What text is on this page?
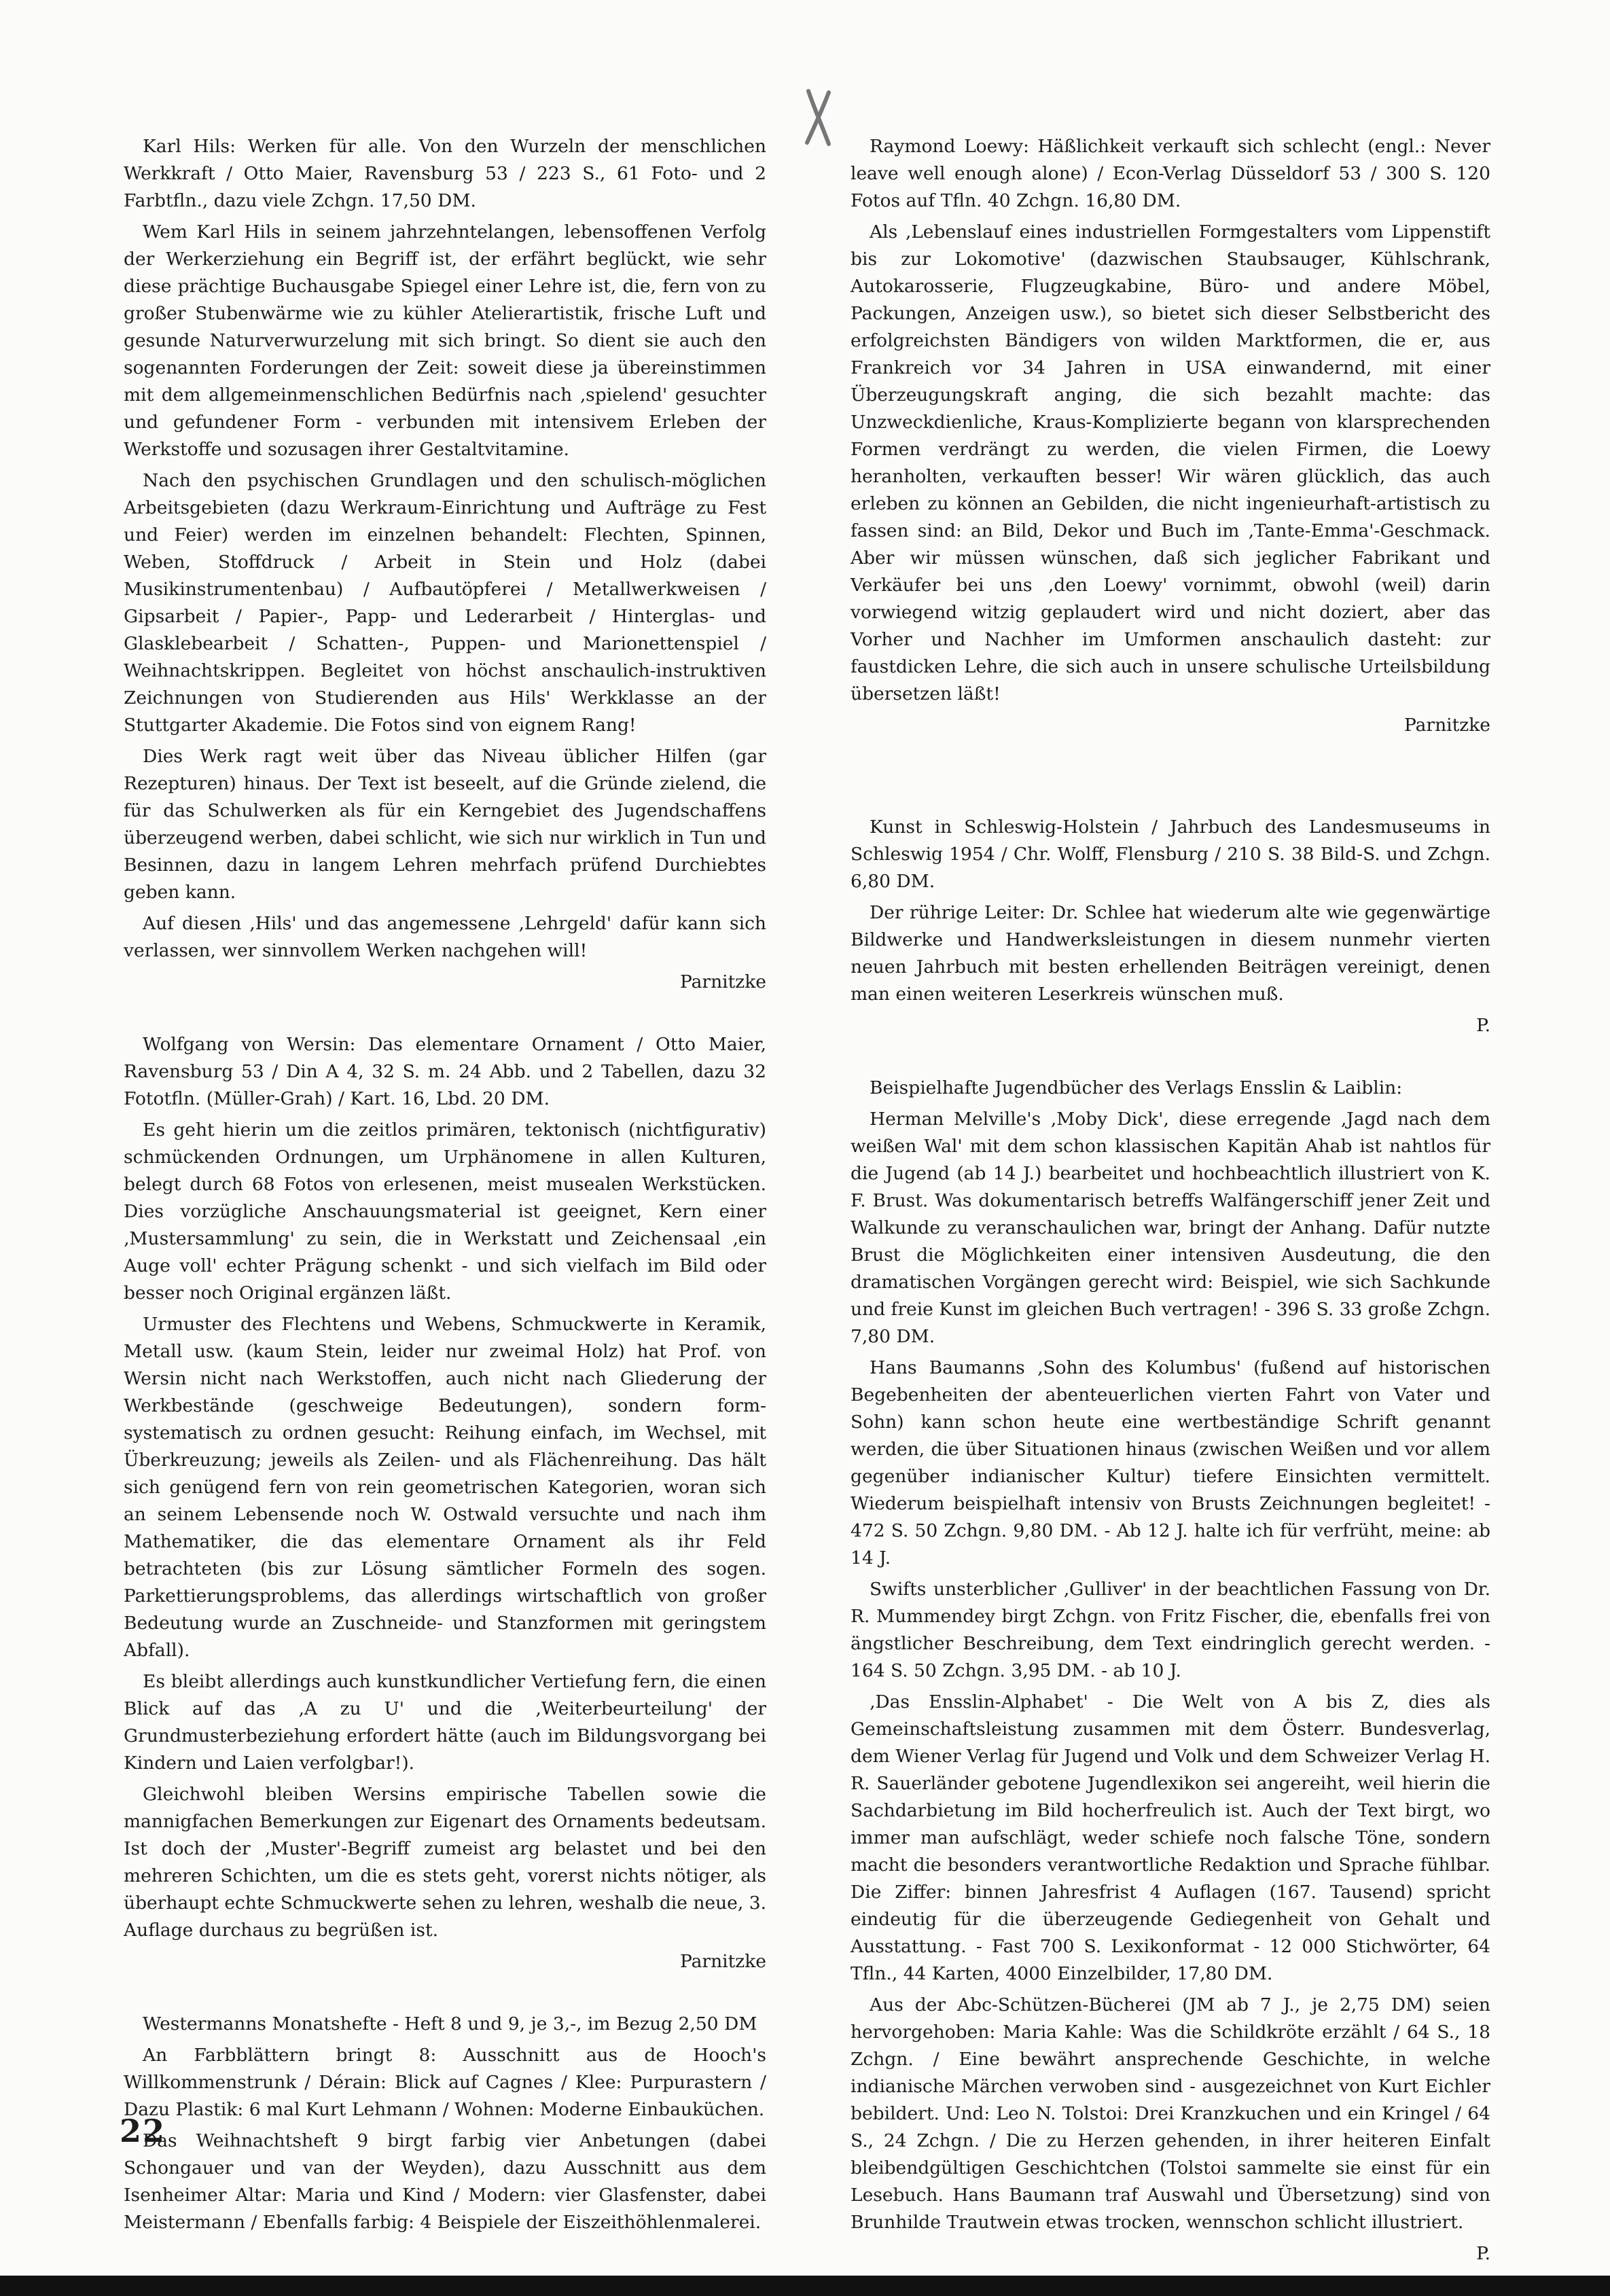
Karl Hils: Werken für alle. Von den Wurzeln der menschlichen Werkkraft / Otto Maier, Ravensburg 53 / 223 S., 61 Foto- und 2 Farbtfln., dazu viele Zchgn. 17,50 DM.

Wem Karl Hils in seinem jahrzehntelangen, lebensoffenen Verfolg der Werkerziehung ein Begriff ist, der erfährt beglückt, wie sehr diese prächtige Buchausgabe Spiegel einer Lehre ist, die, fern von zu großer Stubenwärme wie zu kühler Atelierartistik, frische Luft und gesunde Naturverwurzelung mit sich bringt. So dient sie auch den sogenannten Forderungen der Zeit: soweit diese ja übereinstimmen mit dem allgemeinmenschlichen Bedürfnis nach ‚spielend' gesuchter und gefundener Form - verbunden mit intensivem Erleben der Werkstoffe und sozusagen ihrer Gestaltvitamine.

Nach den psychischen Grundlagen und den schulisch-möglichen Arbeitsgebieten (dazu Werkraum-Einrichtung und Aufträge zu Fest und Feier) werden im einzelnen behandelt: Flechten, Spinnen, Weben, Stoffdruck / Arbeit in Stein und Holz (dabei Musikinstrumentenbau) / Aufbautöpferei / Metallwerkweisen / Gipsarbeit / Papier-, Papp- und Lederarbeit / Hinterglas- und Glasklebearbeit / Schatten-, Puppen- und Marionettenspiel / Weihnachtskrippen. Begleitet von höchst anschaulich-instruktiven Zeichnungen von Studierenden aus Hils' Werkklasse an der Stuttgarter Akademie. Die Fotos sind von eignem Rang!

Dies Werk ragt weit über das Niveau üblicher Hilfen (gar Rezepturen) hinaus. Der Text ist beseelt, auf die Gründe zielend, die für das Schulwerken als für ein Kerngebiet des Jugendschaffens überzeugend werben, dabei schlicht, wie sich nur wirklich in Tun und Besinnen, dazu in langem Lehren mehrfach prüfend Durchiebtes geben kann.

Auf diesen ‚Hils' und das angemessene ‚Lehrgeld' dafür kann sich verlassen, wer sinnvollem Werken nachgehen will!

Parnitzke

Wolfgang von Wersin: Das elementare Ornament / Otto Maier, Ravensburg 53 / Din A 4, 32 S. m. 24 Abb. und 2 Tabellen, dazu 32 Fototfln. (Müller-Grah) / Kart. 16, Lbd. 20 DM.

Es geht hierin um die zeitlos primären, tektonisch (nichtfigurativ) schmückenden Ordnungen, um Urphänomene in allen Kulturen, belegt durch 68 Fotos von erlesenen, meist musealen Werkstücken. Dies vorzügliche Anschauungsmaterial ist geeignet, Kern einer ‚Mustersammlung' zu sein, die in Werkstatt und Zeichensaal ‚ein Auge voll' echter Prägung schenkt - und sich vielfach im Bild oder besser noch Original ergänzen läßt.

Urmuster des Flechtens und Webens, Schmuckwerte in Keramik, Metall usw. (kaum Stein, leider nur zweimal Holz) hat Prof. von Wersin nicht nach Werkstoffen, auch nicht nach Gliederung der Werkbestände (geschweige Bedeutungen), sondern form-systematisch zu ordnen gesucht: Reihung einfach, im Wechsel, mit Überkreuzung; jeweils als Zeilen- und als Flächenreihung. Das hält sich genügend fern von rein geometrischen Kategorien, woran sich an seinem Lebensende noch W. Ostwald versuchte und nach ihm Mathematiker, die das elementare Ornament als ihr Feld betrachteten (bis zur Lösung sämtlicher Formeln des sogen. Parkettierungsproblems, das allerdings wirtschaftlich von großer Bedeutung wurde an Zuschneide- und Stanzformen mit geringstem Abfall).

Es bleibt allerdings auch kunstkundlicher Vertiefung fern, die einen Blick auf das ‚A zu U' und die ‚Weiterbeurteilung' der Grundmusterbeziehung erfordert hätte (auch im Bildungsvorgang bei Kindern und Laien verfolgbar!).

Gleichwohl bleiben Wersins empirische Tabellen sowie die mannigfachen Bemerkungen zur Eigenart des Ornaments bedeutsam. Ist doch der ‚Muster'-Begriff zumeist arg belastet und bei den mehreren Schichten, um die es stets geht, vorerst nichts nötiger, als überhaupt echte Schmuckwerte sehen zu lehren, weshalb die neue, 3. Auflage durchaus zu begrüßen ist.

Parnitzke

Westermanns Monatshefte - Heft 8 und 9, je 3,-, im Bezug 2,50 DM

An Farbblättern bringt 8: Ausschnitt aus de Hooch's Willkommenstrunk / Dérain: Blick auf Cagnes / Klee: Purpurastern / Dazu Plastik: 6 mal Kurt Lehmann / Wohnen: Moderne Einbauküchen.

Das Weihnachtsheft 9 birgt farbig vier Anbetungen (dabei Schongauer und van der Weyden), dazu Ausschnitt aus dem Isenheimer Altar: Maria und Kind / Modern: vier Glasfenster, dabei Meistermann / Ebenfalls farbig: 4 Beispiele der Eiszeithöhlenmalerei.

Raymond Loewy: Häßlichkeit verkauft sich schlecht (engl.: Never leave well enough alone) / Econ-Verlag Düsseldorf 53 / 300 S. 120 Fotos auf Tfln. 40 Zchgn. 16,80 DM.

Als ‚Lebenslauf eines industriellen Formgestalters vom Lippenstift bis zur Lokomotive' (dazwischen Staubsauger, Kühlschrank, Autokarosserie, Flugzeugkabine, Büro- und andere Möbel, Packungen, Anzeigen usw.), so bietet sich dieser Selbstbericht des erfolgreichsten Bändigers von wilden Marktformen, die er, aus Frankreich vor 34 Jahren in USA einwandernd, mit einer Überzeugungskraft anging, die sich bezahlt machte: das Unzweckdienliche, Kraus-Komplizierte begann von klarsprechenden Formen verdrängt zu werden, die vielen Firmen, die Loewy heranholten, verkauften besser! Wir wären glücklich, das auch erleben zu können an Gebilden, die nicht ingenieurhaft-artistisch zu fassen sind: an Bild, Dekor und Buch im ‚Tante-Emma'-Geschmack. Aber wir müssen wünschen, daß sich jeglicher Fabrikant und Verkäufer bei uns ‚den Loewy' vornimmt, obwohl (weil) darin vorwiegend witzig geplaudert wird und nicht doziert, aber das Vorher und Nachher im Umformen anschaulich dasteht: zur faustdicken Lehre, die sich auch in unsere schulische Urteilsbildung übersetzen läßt!

Parnitzke

Kunst in Schleswig-Holstein / Jahrbuch des Landesmuseums in Schleswig 1954 / Chr. Wolff, Flensburg / 210 S. 38 Bild-S. und Zchgn. 6,80 DM.

Der rührige Leiter: Dr. Schlee hat wiederum alte wie gegenwärtige Bildwerke und Handwerksleistungen in diesem nunmehr vierten neuen Jahrbuch mit besten erhellenden Beiträgen vereinigt, denen man einen weiteren Leserkreis wünschen muß.

P.

Beispielhafte Jugendbücher des Verlags Ensslin & Laiblin:

Herman Melville's ‚Moby Dick', diese erregende ‚Jagd nach dem weißen Wal' mit dem schon klassischen Kapitän Ahab ist nahtlos für die Jugend (ab 14 J.) bearbeitet und hochbeachtlich illustriert von K. F. Brust. Was dokumentarisch betreffs Walfängerschiff jener Zeit und Walkunde zu veranschaulichen war, bringt der Anhang. Dafür nutzte Brust die Möglichkeiten einer intensiven Ausdeutung, die den dramatischen Vorgängen gerecht wird: Beispiel, wie sich Sachkunde und freie Kunst im gleichen Buch vertragen! - 396 S. 33 große Zchgn. 7,80 DM.

Hans Baumanns ‚Sohn des Kolumbus' (fußend auf historischen Begebenheiten der abenteuerlichen vierten Fahrt von Vater und Sohn) kann schon heute eine wertbeständige Schrift genannt werden, die über Situationen hinaus (zwischen Weißen und vor allem gegenüber indianischer Kultur) tiefere Einsichten vermittelt. Wiederum beispielhaft intensiv von Brusts Zeichnungen begleitet! - 472 S. 50 Zchgn. 9,80 DM. - Ab 12 J. halte ich für verfrüht, meine: ab 14 J.

Swifts unsterblicher ‚Gulliver' in der beachtlichen Fassung von Dr. R. Mummendey birgt Zchgn. von Fritz Fischer, die, ebenfalls frei von ängstlicher Beschreibung, dem Text eindringlich gerecht werden. - 164 S. 50 Zchgn. 3,95 DM. - ab 10 J.

‚Das Ensslin-Alphabet' - Die Welt von A bis Z, dies als Gemeinschaftsleistung zusammen mit dem Österr. Bundesverlag, dem Wiener Verlag für Jugend und Volk und dem Schweizer Verlag H. R. Sauerländer gebotene Jugendlexikon sei angereiht, weil hierin die Sachdarbietung im Bild hocherfreulich ist. Auch der Text birgt, wo immer man aufschlägt, weder schiefe noch falsche Töne, sondern macht die besonders verantwortliche Redaktion und Sprache fühlbar. Die Ziffer: binnen Jahresfrist 4 Auflagen (167. Tausend) spricht eindeutig für die überzeugende Gediegenheit von Gehalt und Ausstattung. - Fast 700 S. Lexikonformat - 12 000 Stichwörter, 64 Tfln., 44 Karten, 4000 Einzelbilder, 17,80 DM.

Aus der Abc-Schützen-Bücherei (JM ab 7 J., je 2,75 DM) seien hervorgehoben: Maria Kahle: Was die Schildkröte erzählt / 64 S., 18 Zchgn. / Eine bewährt ansprechende Geschichte, in welche indianische Märchen verwoben sind - ausgezeichnet von Kurt Eichler bebildert. Und: Leo N. Tolstoi: Drei Kranzkuchen und ein Kringel / 64 S., 24 Zchgn. / Die zu Herzen gehenden, in ihrer heiteren Einfalt bleibendgültigen Geschichtchen (Tolstoi sammelte sie einst für ein Lesebuch. Hans Baumann traf Auswahl und Übersetzung) sind von Brunhilde Trautwein etwas trocken, wennschon schlicht illustriert.

P.

22
